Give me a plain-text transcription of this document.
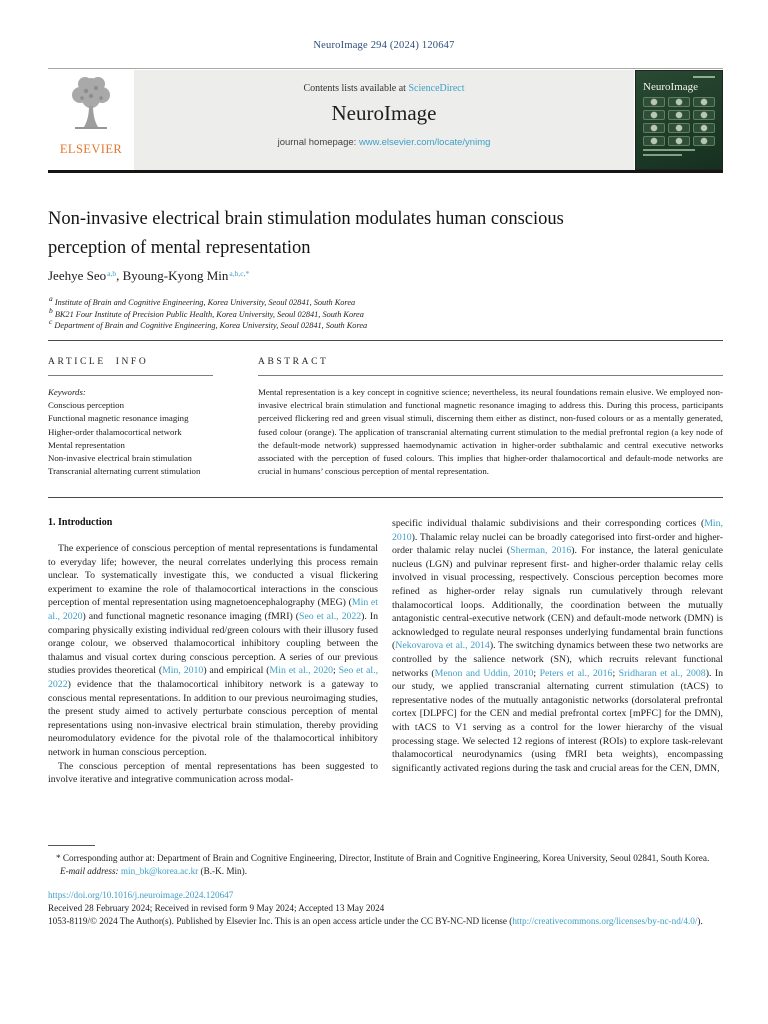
NeuroImage 294 (2024) 120647
ELSEVIER
Contents lists available at ScienceDirect
NeuroImage
journal homepage: www.elsevier.com/locate/ynimg
NeuroImage
Non-invasive electrical brain stimulation modulates human conscious perception of mental representation
Jeehye Seo$^{a,b}$, Byoung-Kyong Min$^{a,b,c,*}$
a Institute of Brain and Cognitive Engineering, Korea University, Seoul 02841, South Korea
b BK21 Four Institute of Precision Public Health, Korea University, Seoul 02841, South Korea
c Department of Brain and Cognitive Engineering, Korea University, Seoul 02841, South Korea
ARTICLE INFO
Keywords:
Conscious perception
Functional magnetic resonance imaging
Higher-order thalamocortical network
Mental representation
Non-invasive electrical brain stimulation
Transcranial alternating current stimulation
ABSTRACT
Mental representation is a key concept in cognitive science; nevertheless, its neural foundations remain elusive. We employed non-invasive electrical brain stimulation and functional magnetic resonance imaging to address this. During this process, participants perceived flickering red and green visual stimuli, discerning them either as distinct, non-fused colours or as a mentally generated, fused colour (orange). The application of transcranial alternating current stimulation to the medial prefrontal region (a key node of the default-mode network) suppressed haemodynamic activation in higher-order subthalamic and central executive networks associated with the perception of fused colours. This implies that higher-order thalamocortical and default-mode networks are crucial in humans’ conscious perception of mental representation.
1. Introduction

The experience of conscious perception of mental representations is fundamental to everyday life; however, the neural correlates underlying this process remain unclear. To systematically investigate this, we conducted a visual flickering experiment to examine the role of thalamocortical interactions in the conscious perception of mental representation using magnetoencephalography (MEG) (Min et al., 2020) and functional magnetic resonance imaging (fMRI) (Seo et al., 2022). In comparing physically existing individual red/green colours with their illusory fused orange colour, we observed thalamocortical inhibitory coupling between the thalamus and visual cortex during conscious perception. A series of our previous studies provides theoretical (Min, 2010) and empirical (Min et al., 2020; Seo et al., 2022) evidence that the thalamocortical inhibitory network is a gateway to conscious mental representations. In addition to our previous neuroimaging studies, the present study aimed to actively perturbate conscious perception of mental representations using non-invasive electrical brain stimulation, thereby providing neuromodulatory evidence for the pivotal role of the thalamocortical inhibitory network in human conscious perception.

The conscious perception of mental representations has been suggested to involve iterative and integrative communication across modal-

specific individual thalamic subdivisions and their corresponding cortices (Min, 2010). Thalamic relay nuclei can be broadly categorised into first-order and higher-order thalamic relay nuclei (Sherman, 2016). For instance, the lateral geniculate nucleus (LGN) and pulvinar represent first- and higher-order thalamic relay cells involved in visual processing, respectively. Conscious perception becomes more refined as higher-order relay signals run cumulatively through relevant thalamocortical loops. Additionally, the coordination between the mutually antagonistic central-executive network (CEN) and default-mode network (DMN) is acknowledged to regulate neural responses underlying fundamental brain functions (Nekovarova et al., 2014). The switching dynamics between these two networks are controlled by the salience network (SN), which recruits relevant functional networks (Menon and Uddin, 2010; Peters et al., 2016; Sridharan et al., 2008). In our study, we applied transcranial alternating current stimulation (tACS) to representative nodes of the mutually antagonistic networks (dorsolateral prefrontal cortex [DLPFC] for the CEN and medial prefrontal cortex [mPFC] for the DMN), with tACS to V1 serving as a control for the lower hierarchy of the visual processing stage. We selected 12 regions of interest (ROIs) to explore task-relevant thalamocortical neurodynamics (using fMRI beta weights), encompassing significantly activated regions during the task and crucial areas for the CEN, DMN,

* Corresponding author at: Department of Brain and Cognitive Engineering, Director, Institute of Brain and Cognitive Engineering, Korea University, Seoul 02841, South Korea.
E-mail address: min_bk@korea.ac.kr (B.-K. Min).
https://doi.org/10.1016/j.neuroimage.2024.120647
Received 28 February 2024; Received in revised form 9 May 2024; Accepted 13 May 2024
1053-8119/© 2024 The Author(s). Published by Elsevier Inc. This is an open access article under the CC BY-NC-ND license (http://creativecommons.org/licenses/by-nc-nd/4.0/).
